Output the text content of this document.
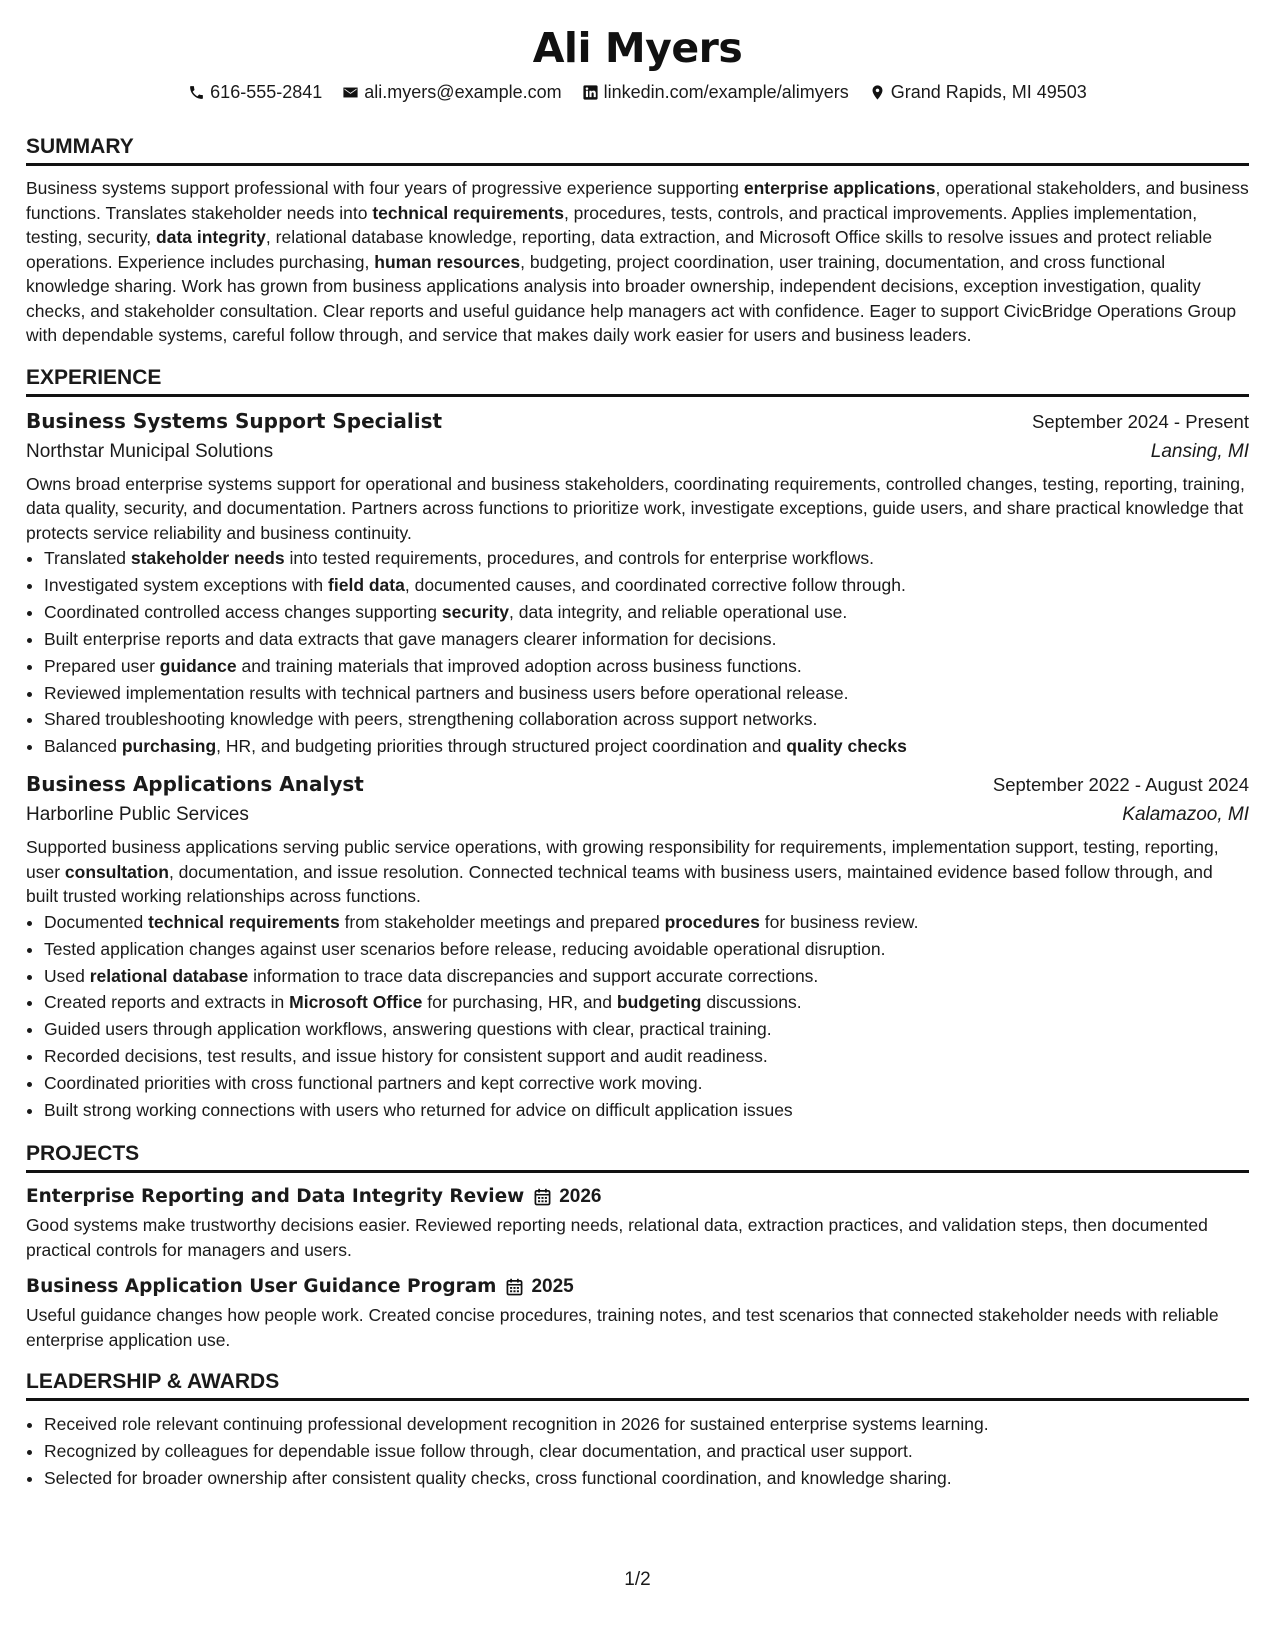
Ali Myers
616-555-2841 ali.myers@example.com linkedin.com/example/alimyers Grand Rapids, MI 49503
SUMMARY

Business systems support professional with four years of progressive experience supporting enterprise applications, operational stakeholders, and business functions. Translates stakeholder needs into technical requirements, procedures, tests, controls, and practical improvements. Applies implementation, testing, security, data integrity, relational database knowledge, reporting, data extraction, and Microsoft Office skills to resolve issues and protect reliable operations. Experience includes purchasing, human resources, budgeting, project coordination, user training, documentation, and cross functional knowledge sharing. Work has grown from business applications analysis into broader ownership, independent decisions, exception investigation, quality checks, and stakeholder consultation. Clear reports and useful guidance help managers act with confidence. Eager to support CivicBridge Operations Group with dependable systems, careful follow through, and service that makes daily work easier for users and business leaders.

EXPERIENCE
Business Systems Support Specialist	September 2024 - Present
Northstar Municipal Solutions	Lansing, MI

Owns broad enterprise systems support for operational and business stakeholders, coordinating requirements, controlled changes, testing, reporting, training, data quality, security, and documentation. Partners across functions to prioritize work, investigate exceptions, guide users, and share practical knowledge that protects service reliability and business continuity.

• Translated stakeholder needs into tested requirements, procedures, and controls for enterprise workflows.
• Investigated system exceptions with field data, documented causes, and coordinated corrective follow through.
• Coordinated controlled access changes supporting security, data integrity, and reliable operational use.
• Built enterprise reports and data extracts that gave managers clearer information for decisions.
• Prepared user guidance and training materials that improved adoption across business functions.
• Reviewed implementation results with technical partners and business users before operational release.
• Shared troubleshooting knowledge with peers, strengthening collaboration across support networks.
• Balanced purchasing, HR, and budgeting priorities through structured project coordination and quality checks
Business Applications Analyst	September 2022 - August 2024
Harborline Public Services	Kalamazoo, MI

Supported business applications serving public service operations, with growing responsibility for requirements, implementation support, testing, reporting, user consultation, documentation, and issue resolution. Connected technical teams with business users, maintained evidence based follow through, and built trusted working relationships across functions.

• Documented technical requirements from stakeholder meetings and prepared procedures for business review.
• Tested application changes against user scenarios before release, reducing avoidable operational disruption.
• Used relational database information to trace data discrepancies and support accurate corrections.
• Created reports and extracts in Microsoft Office for purchasing, HR, and budgeting discussions.
• Guided users through application workflows, answering questions with clear, practical training.
• Recorded decisions, test results, and issue history for consistent support and audit readiness.
• Coordinated priorities with cross functional partners and kept corrective work moving.
• Built strong working connections with users who returned for advice on difficult application issues
PROJECTS
Enterprise Reporting and Data Integrity Review 2026

Good systems make trustworthy decisions easier. Reviewed reporting needs, relational data, extraction practices, and validation steps, then documented practical controls for managers and users.

Business Application User Guidance Program 2025

Useful guidance changes how people work. Created concise procedures, training notes, and test scenarios that connected stakeholder needs with reliable enterprise application use.

LEADERSHIP & AWARDS
• Received role relevant continuing professional development recognition in 2026 for sustained enterprise systems learning.
• Recognized by colleagues for dependable issue follow through, clear documentation, and practical user support.
• Selected for broader ownership after consistent quality checks, cross functional coordination, and knowledge sharing.
1/2
